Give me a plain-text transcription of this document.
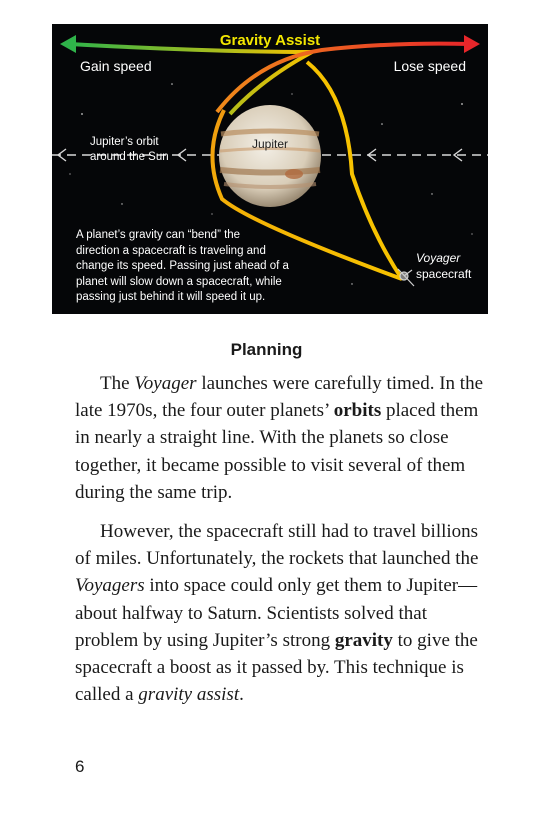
Gravity Assist
Gain speed	Lose speed
Jupiter’s orbit
around the Sun
Jupiter
A planet’s gravity can “bend” the
direction a spacecraft is traveling and
change its speed. Passing just ahead of a
planet will slow down a spacecraft, while
passing just behind it will speed it up.
Voyager
spacecraft
Planning

The Voyager launches were carefully timed. In the late 1970s, the four outer planets’ orbits placed them in nearly a straight line. With the planets so close together, it became possible to visit several of them during the same trip.

However, the spacecraft still had to travel billions of miles. Unfortunately, the rockets that launched the Voyagers into space could only get them to Jupiter—about halfway to Saturn. Scientists solved that problem by using Jupiter’s strong gravity to give the spacecraft a boost as it passed by. This technique is called a gravity assist.

6
